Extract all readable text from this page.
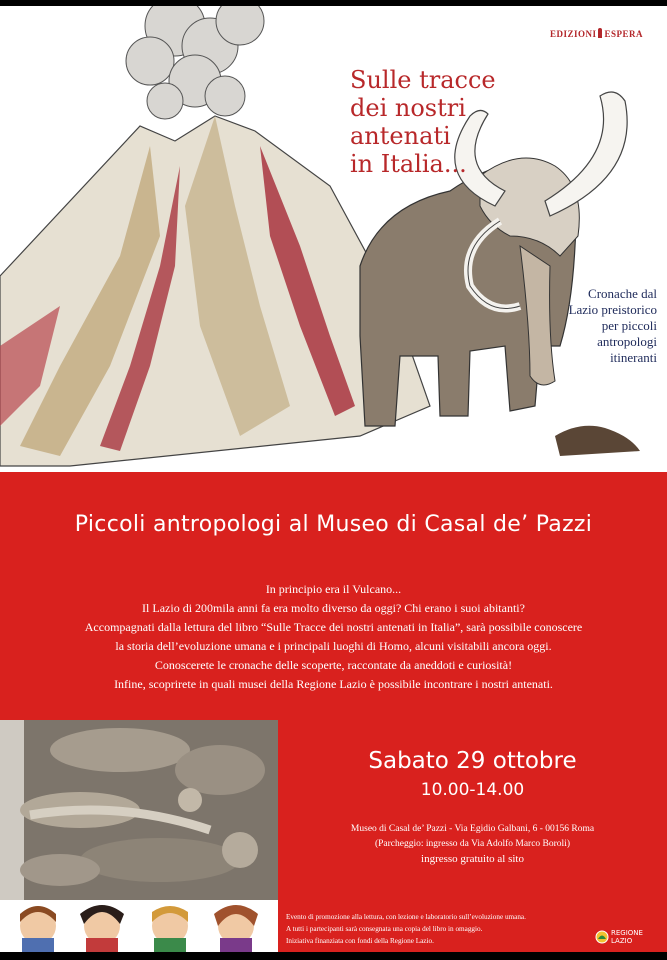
EDIZIONI ESPERA
Sulle tracce
dei nostri
antenati
in Italia...
Cronache dal
Lazio preistorico
per piccoli
antropologi
itineranti
Piccoli antropologi al Museo di Casal de’ Pazzi
In principio era il Vulcano...
Il Lazio di 200mila anni fa era molto diverso da oggi? Chi erano i suoi abitanti?
Accompagnati dalla lettura del libro “Sulle Tracce dei nostri antenati in Italia”, sarà possibile conoscere
la storia dell’evoluzione umana e i principali luoghi di Homo, alcuni visitabili ancora oggi.
Conoscerete le cronache delle scoperte, raccontate da aneddoti e curiosità!
Infine, scoprirete in quali musei della Regione Lazio è possibile incontrare i nostri antenati.
Sabato 29 ottobre
10.00-14.00
Museo di Casal de’ Pazzi - Via Egidio Galbani, 6 - 00156 Roma
(Parcheggio: ingresso da Via Adolfo Marco Boroli)
ingresso gratuito al sito
Evento di promozione alla lettura, con lezione e laboratorio sull’evoluzione umana.
A tutti i partecipanti sarà consegnata una copia del libro in omaggio.
Iniziativa finanziata con fondi della Regione Lazio.
REGIONE
LAZIO
